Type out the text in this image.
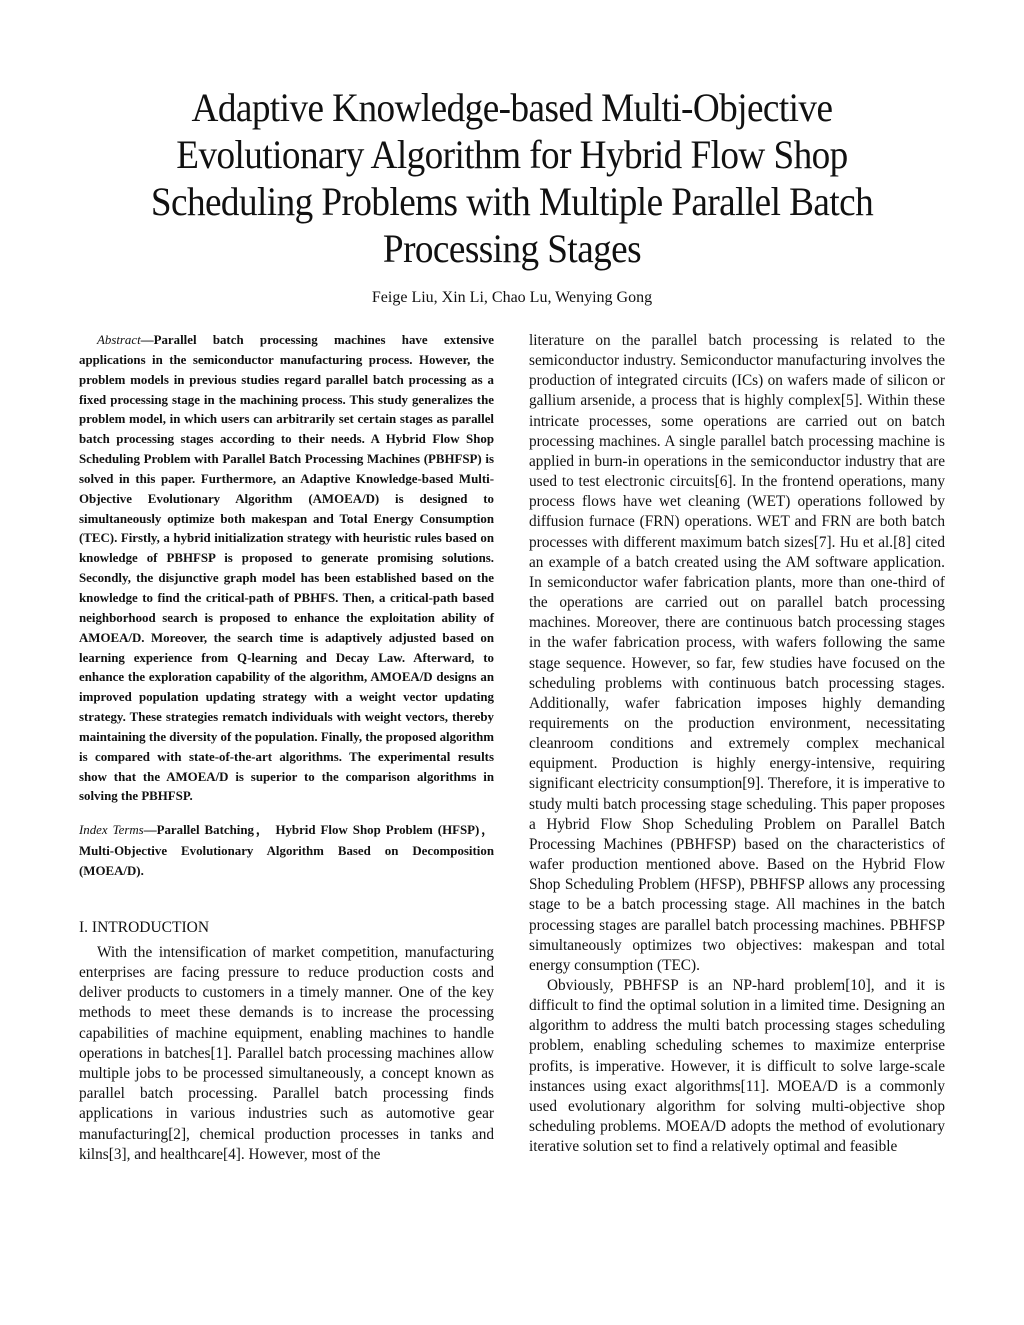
Adaptive Knowledge-based Multi-Objective
Evolutionary Algorithm for Hybrid Flow Shop
Scheduling Problems with Multiple Parallel Batch
Processing Stages
Feige Liu, Xin Li, Chao Lu, Wenying Gong

Abstract—Parallel batch processing machines have extensive applications in the semiconductor manufacturing process. However, the problem models in previous studies regard parallel batch processing as a fixed processing stage in the machining process. This study generalizes the problem model, in which users can arbitrarily set certain stages as parallel batch processing stages according to their needs. A Hybrid Flow Shop Scheduling Problem with Parallel Batch Processing Machines (PBHFSP) is solved in this paper. Furthermore, an Adaptive Knowledge-based Multi-Objective Evolutionary Algorithm (AMOEA/D) is designed to simultaneously optimize both makespan and Total Energy Consumption (TEC). Firstly, a hybrid initialization strategy with heuristic rules based on knowledge of PBHFSP is proposed to generate promising solutions. Secondly, the disjunctive graph model has been established based on the knowledge to find the critical-path of PBHFS. Then, a critical-path based neighborhood search is proposed to enhance the exploitation ability of AMOEA/D. Moreover, the search time is adaptively adjusted based on learning experience from Q-learning and Decay Law. Afterward, to enhance the exploration capability of the algorithm, AMOEA/D designs an improved population updating strategy with a weight vector updating strategy. These strategies rematch individuals with weight vectors, thereby maintaining the diversity of the population. Finally, the proposed algorithm is compared with state-of-the-art algorithms. The experimental results show that the AMOEA/D is superior to the comparison algorithms in solving the PBHFSP.

Index Terms—Parallel Batching， Hybrid Flow Shop Problem (HFSP)， Multi-Objective Evolutionary Algorithm Based on Decomposition (MOEA/D).

I. INTRODUCTION

With the intensification of market competition, manufacturing enterprises are facing pressure to reduce production costs and deliver products to customers in a timely manner. One of the key methods to meet these demands is to increase the processing capabilities of machine equipment, enabling machines to handle operations in batches[1]. Parallel batch processing machines allow multiple jobs to be processed simultaneously, a concept known as parallel batch processing. Parallel batch processing finds applications in various industries such as automotive gear manufacturing[2], chemical production processes in tanks and kilns[3], and healthcare[4]. However, most of the

literature on the parallel batch processing is related to the semiconductor industry. Semiconductor manufacturing involves the production of integrated circuits (ICs) on wafers made of silicon or gallium arsenide, a process that is highly complex[5]. Within these intricate processes, some operations are carried out on batch processing machines. A single parallel batch processing machine is applied in burn-in operations in the semiconductor industry that are used to test electronic circuits[6]. In the frontend operations, many process flows have wet cleaning (WET) operations followed by diffusion furnace (FRN) operations. WET and FRN are both batch processes with different maximum batch sizes[7]. Hu et al.[8] cited an example of a batch created using the AM software application. In semiconductor wafer fabrication plants, more than one-third of the operations are carried out on parallel batch processing machines. Moreover, there are continuous batch processing stages in the wafer fabrication process, with wafers following the same stage sequence. However, so far, few studies have focused on the scheduling problems with continuous batch processing stages. Additionally, wafer fabrication imposes highly demanding requirements on the production environment, necessitating cleanroom conditions and extremely complex mechanical equipment. Production is highly energy-intensive, requiring significant electricity consumption[9]. Therefore, it is imperative to study multi batch processing stage scheduling. This paper proposes a Hybrid Flow Shop Scheduling Problem on Parallel Batch Processing Machines (PBHFSP) based on the characteristics of wafer production mentioned above. Based on the Hybrid Flow Shop Scheduling Problem (HFSP), PBHFSP allows any processing stage to be a batch processing stage. All machines in the batch processing stages are parallel batch processing machines. PBHFSP simultaneously optimizes two objectives: makespan and total energy consumption (TEC).

Obviously, PBHFSP is an NP-hard problem[10], and it is difficult to find the optimal solution in a limited time. Designing an algorithm to address the multi batch processing stages scheduling problem, enabling scheduling schemes to maximize enterprise profits, is imperative. However, it is difficult to solve large-scale instances using exact algorithms[11]. MOEA/D is a commonly used evolutionary algorithm for solving multi-objective shop scheduling problems. MOEA/D adopts the method of evolutionary iterative solution set to find a relatively optimal and feasible
